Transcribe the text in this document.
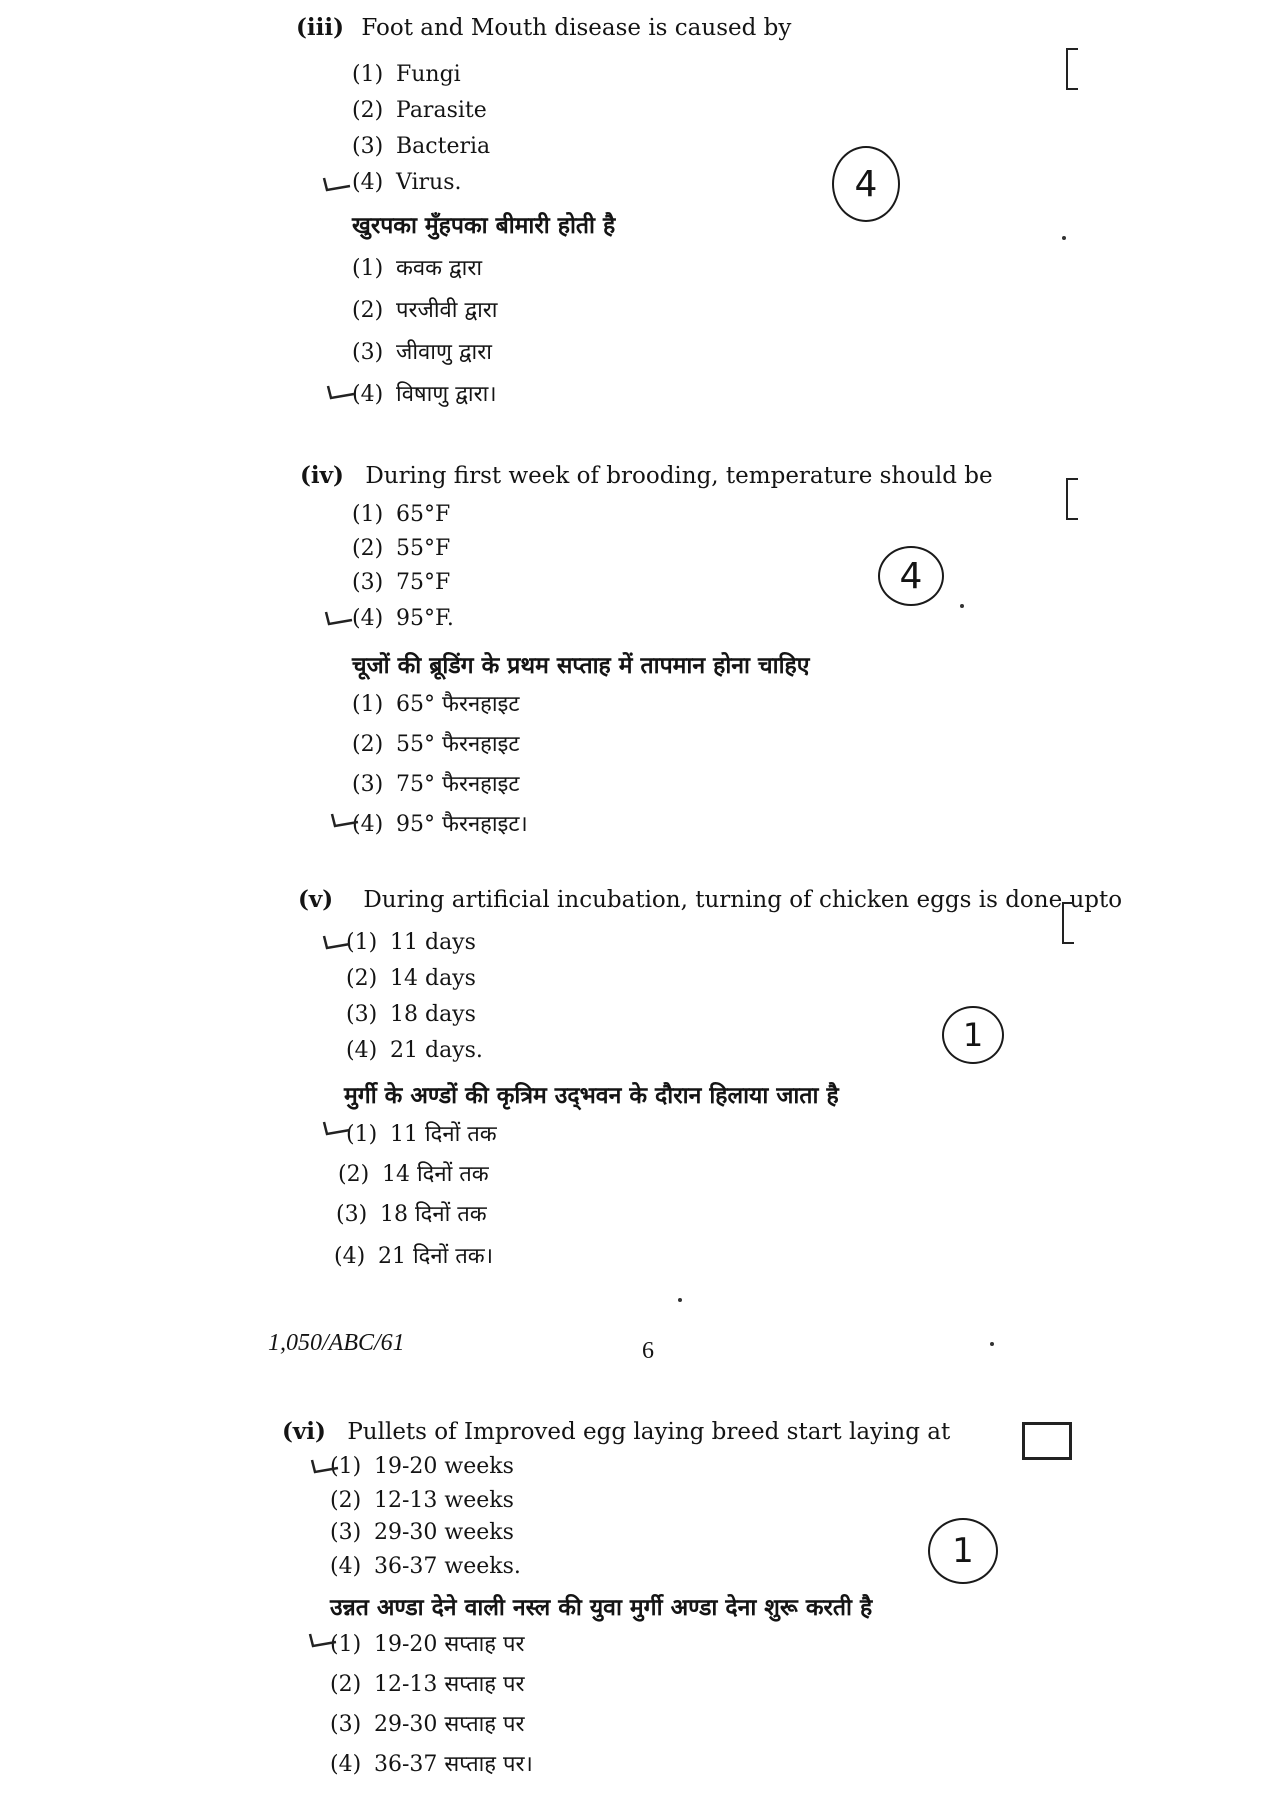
(iii) Foot and Mouth disease is caused by
(1) Fungi
(2) Parasite
(3) Bacteria
(4) Virus.
खुरपका मुँहपका बीमारी होती है
(1) कवक द्वारा
(2) परजीवी द्वारा
(3) जीवाणु द्वारा
(4) विषाणु द्वारा।
4
(iv) During first week of brooding, temperature should be
(1) 65°F
(2) 55°F
(3) 75°F
(4) 95°F.
चूजों की ब्रूडिंग के प्रथम सप्ताह में तापमान होना चाहिए
(1) 65° फैरनहाइट
(2) 55° फैरनहाइट
(3) 75° फैरनहाइट
(4) 95° फैरनहाइट।
4
(v) During artificial incubation, turning of chicken eggs is done upto
(1) 11 days
(2) 14 days
(3) 18 days
(4) 21 days.
मुर्गी के अण्डों की कृत्रिम उद्‌भवन के दौरान हिलाया जाता है
(1) 11 दिनों तक
(2) 14 दिनों तक
(3) 18 दिनों तक
(4) 21 दिनों तक।
1
1,050/ABC/61	6
(vi) Pullets of Improved egg laying breed start laying at
(1) 19-20 weeks
(2) 12-13 weeks
(3) 29-30 weeks
(4) 36-37 weeks.
उन्नत अण्डा देने वाली नस्ल की युवा मुर्गी अण्डा देना शुरू करती है
(1) 19-20 सप्ताह पर
(2) 12-13 सप्ताह पर
(3) 29-30 सप्ताह पर
(4) 36-37 सप्ताह पर।
1
